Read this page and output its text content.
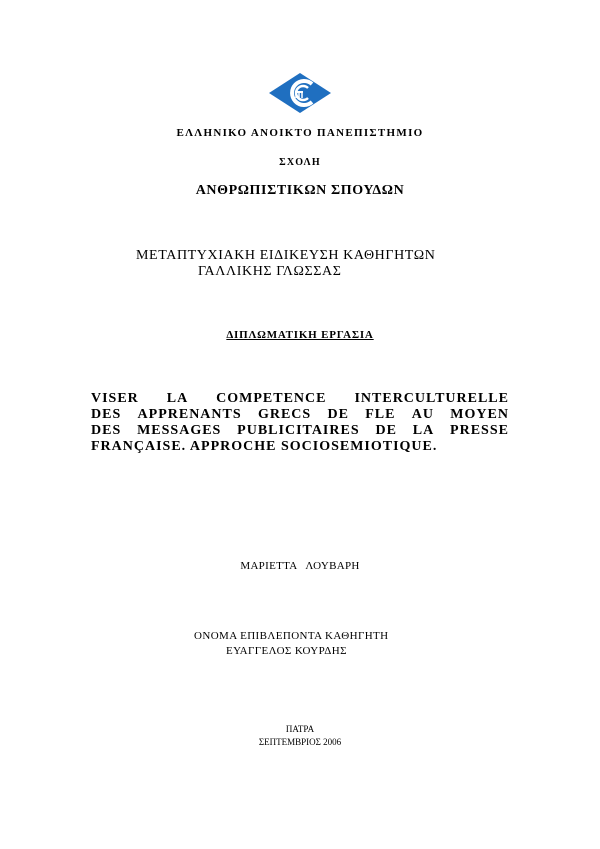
ΕΛΛΗΝΙΚΟ ΑΝΟΙΚΤΟ ΠΑΝΕΠΙΣΤΗΜΙΟ
ΣΧΟΛΗ
ΑΝΘΡΩΠΙΣΤΙΚΩΝ ΣΠΟΥΔΩΝ
ΜΕΤΑΠΤΥΧΙΑΚΗ ΕΙΔΙΚΕΥΣΗ ΚΑΘΗΓΗΤΩΝ
ΓΑΛΛΙΚΗΣ ΓΛΩΣΣΑΣ
ΔΙΠΛΩΜΑΤΙΚΗ ΕΡΓΑΣΙΑ
VISER LA COMPETENCE INTERCULTURELLE
DES APPRENANTS GRECS DE FLE AU MOYEN
DES MESSAGES PUBLICITAIRES DE LA PRESSE
FRANÇAISE. APPROCHE SOCIOSEMIOTIQUE.
ΜΑΡΙΕΤΤΑ ΛΟΥΒΑΡΗ
ΟΝΟΜΑ ΕΠΙΒΛΕΠΟΝΤΑ ΚΑΘΗΓΗΤΗ
ΕΥΑΓΓΕΛΟΣ ΚΟΥΡΔΗΣ
ΠΑΤΡΑ
ΣΕΠΤΕΜΒΡΙΟΣ 2006
